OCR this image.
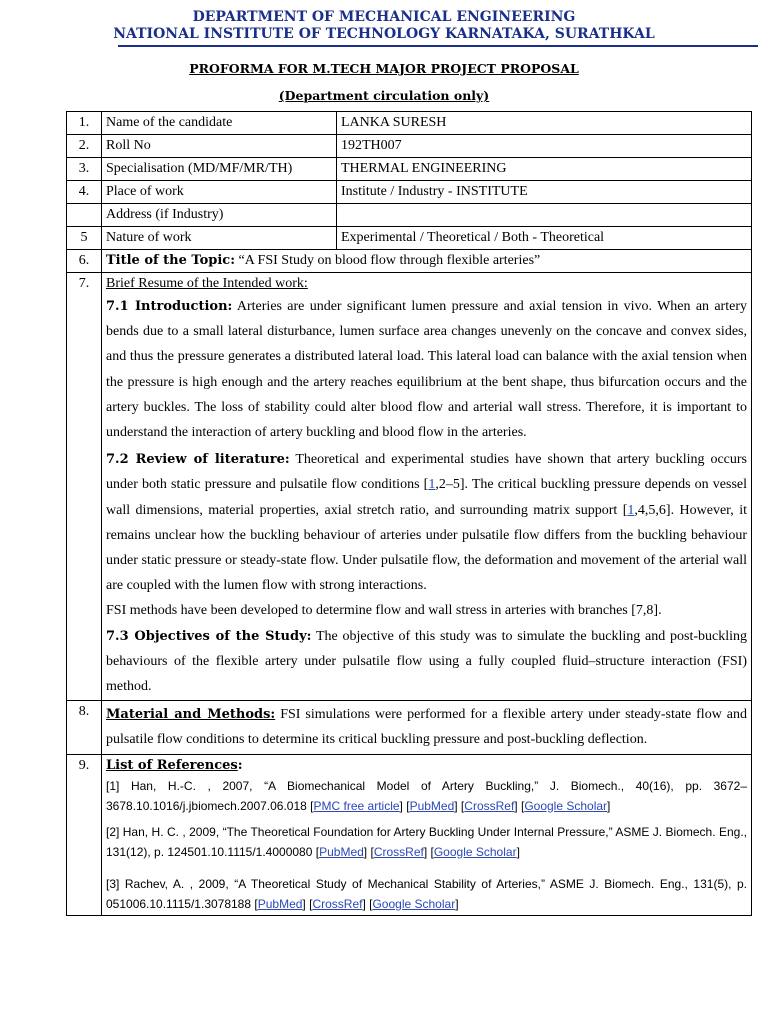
DEPARTMENT OF MECHANICAL ENGINEERING
NATIONAL INSTITUTE OF TECHNOLOGY KARNATAKA, SURATHKAL
PROFORMA FOR M.TECH MAJOR PROJECT PROPOSAL
(Department circulation only)
1.	Name of the candidate	LANKA SURESH
2.	Roll No	192TH007
3.	Specialisation (MD/MF/MR/TH)	THERMAL ENGINEERING
4.	Place of work	Institute / Industry - INSTITUTE
	Address (if Industry)	
5	Nature of work	Experimental / Theoretical / Both - Theoretical
6.	Title of the Topic: “A FSI Study on blood flow through flexible arteries”	
7.	Brief Resume of the Intended work:

7.1 Introduction: Arteries are under significant lumen pressure and axial tension in vivo. When an artery bends due to a small lateral disturbance, lumen surface area changes unevenly on the concave and convex sides, and thus the pressure generates a distributed lateral load. This lateral load can balance with the axial tension when the pressure is high enough and the artery reaches equilibrium at the bent shape, thus bifurcation occurs and the artery buckles. The loss of stability could alter blood flow and arterial wall stress. Therefore, it is important to understand the interaction of artery buckling and blood flow in the arteries.

7.2 Review of literature: Theoretical and experimental studies have shown that artery buckling occurs under both static pressure and pulsatile flow conditions [1,2–5]. The critical buckling pressure depends on vessel wall dimensions, material properties, axial stretch ratio, and surrounding matrix support [1,4,5,6]. However, it remains unclear how the buckling behaviour of arteries under pulsatile flow differs from the buckling behaviour under static pressure or steady-state flow. Under pulsatile flow, the deformation and movement of the arterial wall are coupled with the lumen flow with strong interactions.

FSI methods have been developed to determine flow and wall stress in arteries with branches [7,8].

7.3 Objectives of the Study: The objective of this study was to simulate the buckling and post-buckling behaviours of the flexible artery under pulsatile flow using a fully coupled fluid–structure interaction (FSI) method.	

8.	Material and Methods: FSI simulations were performed for a flexible artery under steady-state flow and pulsatile flow conditions to determine its critical buckling pressure and post-buckling deflection.	

9.	List of References:

[1] Han, H.-C. , 2007, “A Biomechanical Model of Artery Buckling,” J. Biomech., 40(16), pp. 3672–3678.10.1016/j.jbiomech.2007.06.018 [PMC free article] [PubMed] [CrossRef] [Google Scholar]

[2] Han, H. C. , 2009, “The Theoretical Foundation for Artery Buckling Under Internal Pressure,” ASME J. Biomech. Eng., 131(12), p. 124501.10.1115/1.4000080 [PubMed] [CrossRef] [Google Scholar]

[3] Rachev, A. , 2009, “A Theoretical Study of Mechanical Stability of Arteries,” ASME J. Biomech. Eng., 131(5), p. 051006.10.1115/1.3078188 [PubMed] [CrossRef] [Google Scholar]	
